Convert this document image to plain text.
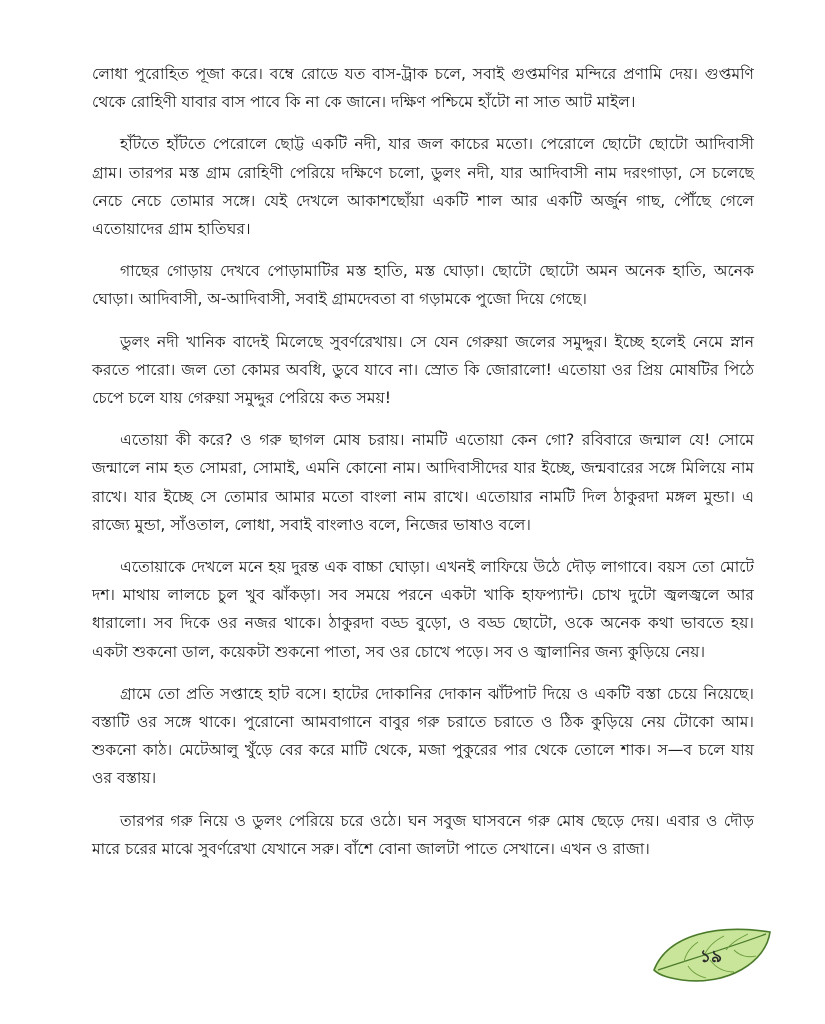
লোধা পুরোহিত পূজা করে। বম্বে রোডে যত বাস-ট্রাক চলে, সবাই গুপ্তমণির মন্দিরে প্রণামি দেয়। গুপ্তমণি থেকে রোহিণী যাবার বাস পাবে কি না কে জানে। দক্ষিণ পশ্চিমে হাঁটো না সাত আট মাইল।

হাঁটতে হাঁটতে পেরোলে ছোট্ট একটি নদী, যার জল কাচের মতো। পেরোলে ছোটো ছোটো আদিবাসী গ্রাম। তারপর মস্ত গ্রাম রোহিণী পেরিয়ে দক্ষিণে চলো, ডুলং নদী, যার আদিবাসী নাম দরংগাড়া, সে চলেছে নেচে নেচে তোমার সঙ্গে। যেই দেখলে আকাশছোঁয়া একটি শাল আর একটি অর্জুন গাছ, পৌঁছে গেলে এতোয়াদের গ্রাম হাতিঘর।

গাছের গোড়ায় দেখবে পোড়ামাটির মস্ত হাতি, মস্ত ঘোড়া। ছোটো ছোটো অমন অনেক হাতি, অনেক ঘোড়া। আদিবাসী, অ-আদিবাসী, সবাই গ্রামদেবতা বা গড়ামকে পুজো দিয়ে গেছে।

ডুলং নদী খানিক বাদেই মিলেছে সুবর্ণরেখায়। সে যেন গেরুয়া জলের সমুদ্দুর। ইচ্ছে হলেই নেমে স্নান করতে পারো। জল তো কোমর অবধি, ডুবে যাবে না। স্রোত কি জোরালো! এতোয়া ওর প্রিয় মোষটির পিঠে চেপে চলে যায় গেরুয়া সমুদ্দুর পেরিয়ে কত সময়!

এতোয়া কী করে? ও গরু ছাগল মোষ চরায়। নামটি এতোয়া কেন গো? রবিবারে জন্মাল যে! সোমে জন্মালে নাম হত সোমরা, সোমাই, এমনি কোনো নাম। আদিবাসীদের যার ইচ্ছে, জন্মবারের সঙ্গে মিলিয়ে নাম রাখে। যার ইচ্ছে সে তোমার আমার মতো বাংলা নাম রাখে। এতোয়ার নামটি দিল ঠাকুরদা মঙ্গল মুন্ডা। এ রাজ্যে মুন্ডা, সাঁওতাল, লোধা, সবাই বাংলাও বলে, নিজের ভাষাও বলে।

এতোয়াকে দেখলে মনে হয় দুরন্ত এক বাচ্চা ঘোড়া। এখনই লাফিয়ে উঠে দৌড় লাগাবে। বয়স তো মোটে দশ। মাথায় লালচে চুল খুব ঝাঁকড়া। সব সময়ে পরনে একটা খাকি হাফপ্যান্ট। চোখ দুটো জ্বলজ্বলে আর ধারালো। সব দিকে ওর নজর থাকে। ঠাকুরদা বড্ড বুড়ো, ও বড্ড ছোটো, ওকে অনেক কথা ভাবতে হয়। একটা শুকনো ডাল, কয়েকটা শুকনো পাতা, সব ওর চোখে পড়ে। সব ও জ্বালানির জন্য কুড়িয়ে নেয়।

গ্রামে তো প্রতি সপ্তাহে হাট বসে। হাটের দোকানির দোকান ঝাঁটপাট দিয়ে ও একটি বস্তা চেয়ে নিয়েছে। বস্তাটি ওর সঙ্গে থাকে। পুরোনো আমবাগানে বাবুর গরু চরাতে চরাতে ও ঠিক কুড়িয়ে নেয় টোকো আম। শুকনো কাঠ। মেটেআলু খুঁড়ে বের করে মাটি থেকে, মজা পুকুরের পার থেকে তোলে শাক। স—ব চলে যায় ওর বস্তায়।

তারপর গরু নিয়ে ও ডুলং পেরিয়ে চরে ওঠে। ঘন সবুজ ঘাসবনে গরু মোষ ছেড়ে দেয়। এবার ও দৌড় মারে চরের মাঝে সুবর্ণরেখা যেখানে সরু। বাঁশে বোনা জালটা পাতে সেখানে। এখন ও রাজা।

১৯
